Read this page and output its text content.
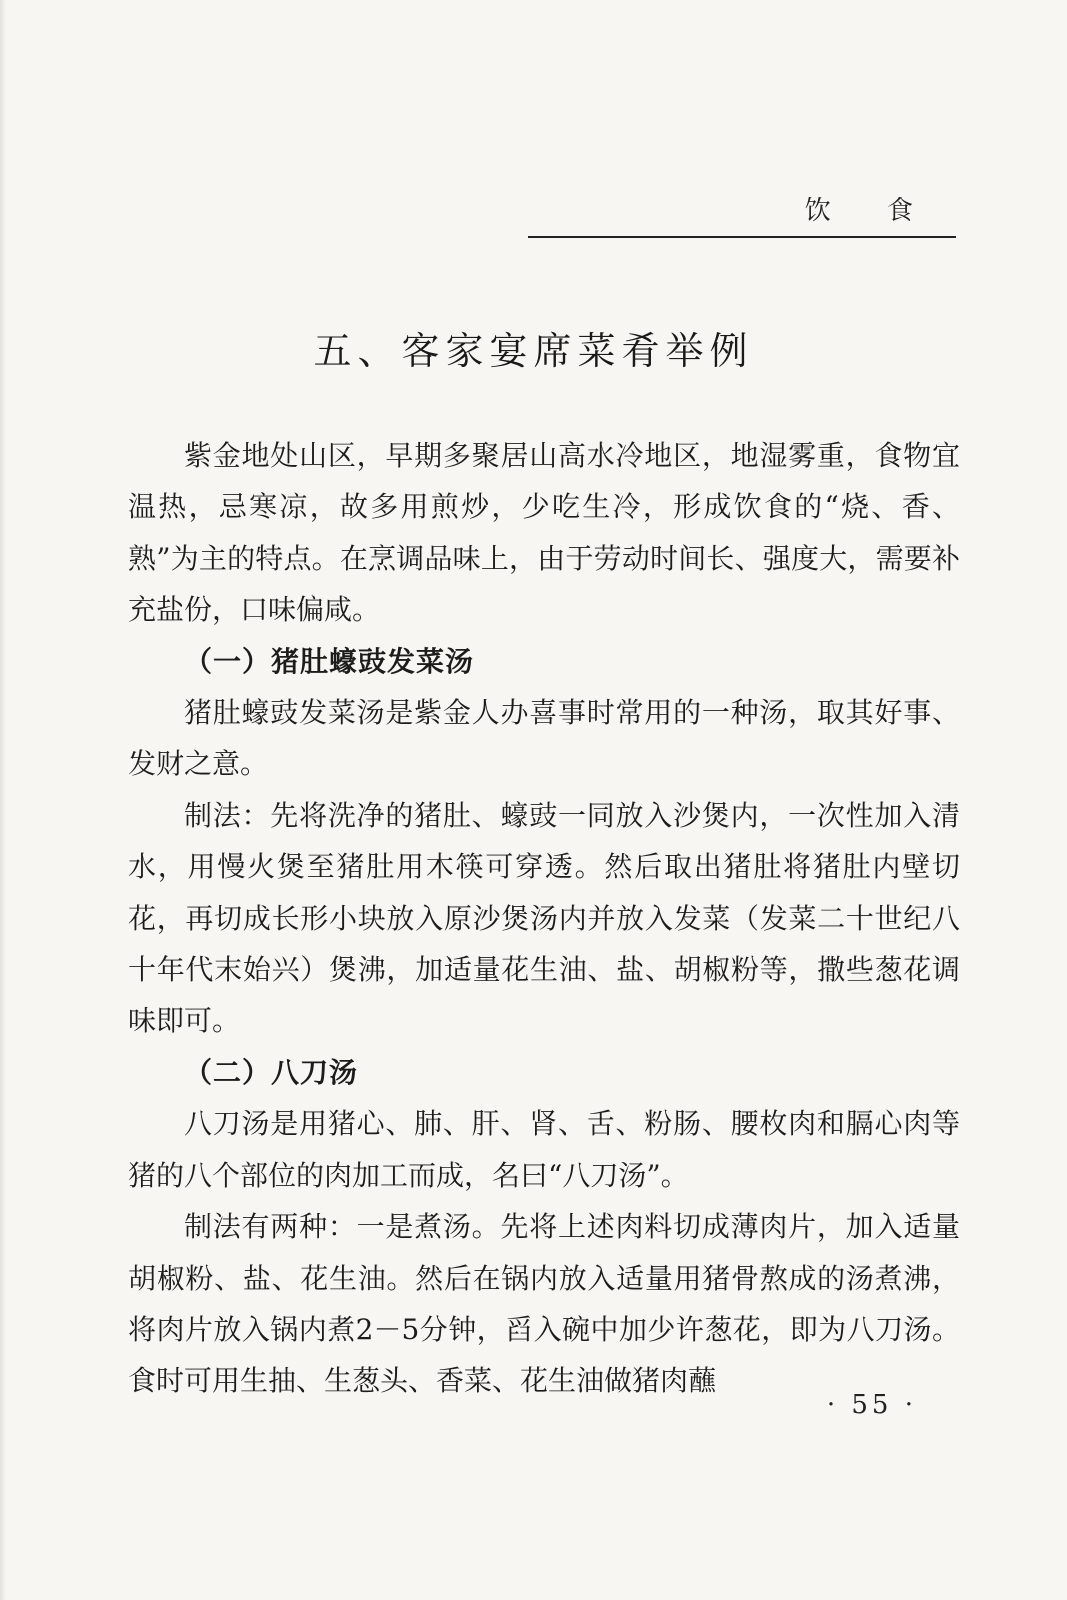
饮 食
五、客家宴席菜肴举例

紫金地处山区，早期多聚居山高水冷地区，地湿雾重，食物宜温热，忌寒凉，故多用煎炒，少吃生冷，形成饮食的“烧、香、熟”为主的特点。在烹调品味上，由于劳动时间长、强度大，需要补充盐份，口味偏咸。

（一）猪肚蠔豉发菜汤

猪肚蠔豉发菜汤是紫金人办喜事时常用的一种汤，取其好事、发财之意。

制法：先将洗净的猪肚、蠔豉一同放入沙煲内，一次性加入清水，用慢火煲至猪肚用木筷可穿透。然后取出猪肚将猪肚内壁切花，再切成长形小块放入原沙煲汤内并放入发菜（发菜二十世纪八十年代末始兴）煲沸，加适量花生油、盐、胡椒粉等，撒些葱花调味即可。

（二）八刀汤

八刀汤是用猪心、肺、肝、肾、舌、粉肠、腰枚肉和膈心肉等猪的八个部位的肉加工而成，名曰“八刀汤”。

制法有两种：一是煮汤。先将上述肉料切成薄肉片，加入适量胡椒粉、盐、花生油。然后在锅内放入适量用猪骨熬成的汤煮沸，将肉片放入锅内煮2－5分钟，舀入碗中加少许葱花，即为八刀汤。食时可用生抽、生葱头、香菜、花生油做猪肉蘸

· 55 ·
